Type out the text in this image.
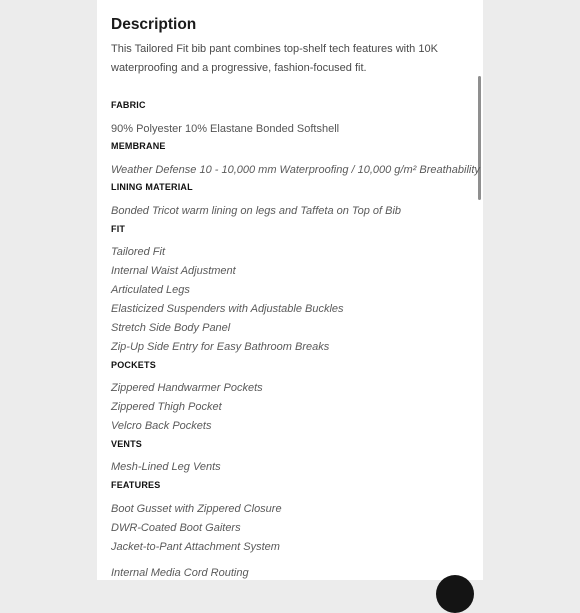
Description
This Tailored Fit bib pant combines top-shelf tech features with 10K waterproofing and a progressive, fashion-focused fit.
FABRIC
90% Polyester 10% Elastane Bonded Softshell
MEMBRANE
Weather Defense 10 - 10,000 mm Waterproofing / 10,000 g/m² Breathability
LINING MATERIAL
Bonded Tricot warm lining on legs and Taffeta on Top of Bib
FIT
Tailored Fit
Internal Waist Adjustment
Articulated Legs
Elasticized Suspenders with Adjustable Buckles
Stretch Side Body Panel
Zip-Up Side Entry for Easy Bathroom Breaks
POCKETS
Zippered Handwarmer Pockets
Zippered Thigh Pocket
Velcro Back Pockets
VENTS
Mesh-Lined Leg Vents
FEATURES
Boot Gusset with Zippered Closure
DWR-Coated Boot Gaiters
Jacket-to-Pant Attachment System
Internal Media Cord Routing
